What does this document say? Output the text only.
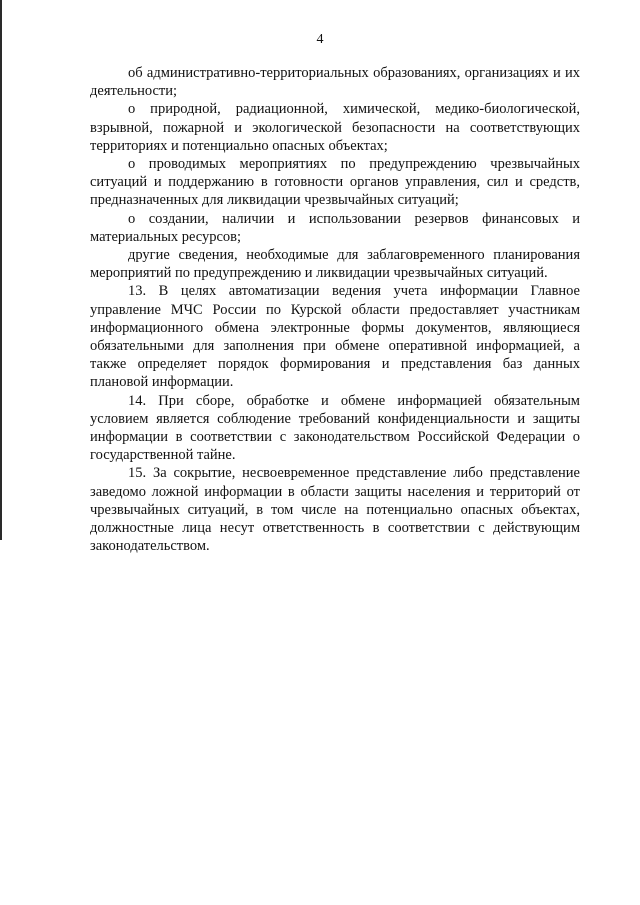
4

об административно-территориальных образованиях, организациях и их деятельности;

о природной, радиационной, химической, медико-биологической, взрывной, пожарной и экологической безопасности на соответствующих территориях и потенциально опасных объектах;

о проводимых мероприятиях по предупреждению чрезвычайных ситуаций и поддержанию в готовности органов управления, сил и средств, предназначенных для ликвидации чрезвычайных ситуаций;

о создании, наличии и использовании резервов финансовых и материальных ресурсов;

другие сведения, необходимые для заблаговременного планирования мероприятий по предупреждению и ликвидации чрезвычайных ситуаций.

13. В целях автоматизации ведения учета информации Главное управление МЧС России по Курской области предоставляет участникам информационного обмена электронные формы документов, являющиеся обязательными для заполнения при обмене оперативной информацией, а также определяет порядок формирования и представления баз данных плановой информации.

14. При сборе, обработке и обмене информацией обязательным условием является соблюдение требований конфиденциальности и защиты информации в соответствии с законодательством Российской Федерации о государственной тайне.

15. За сокрытие, несвоевременное представление либо представление заведомо ложной информации в области защиты населения и территорий от чрезвычайных ситуаций, в том числе на потенциально опасных объектах, должностные лица несут ответственность в соответствии с действующим законодательством.
